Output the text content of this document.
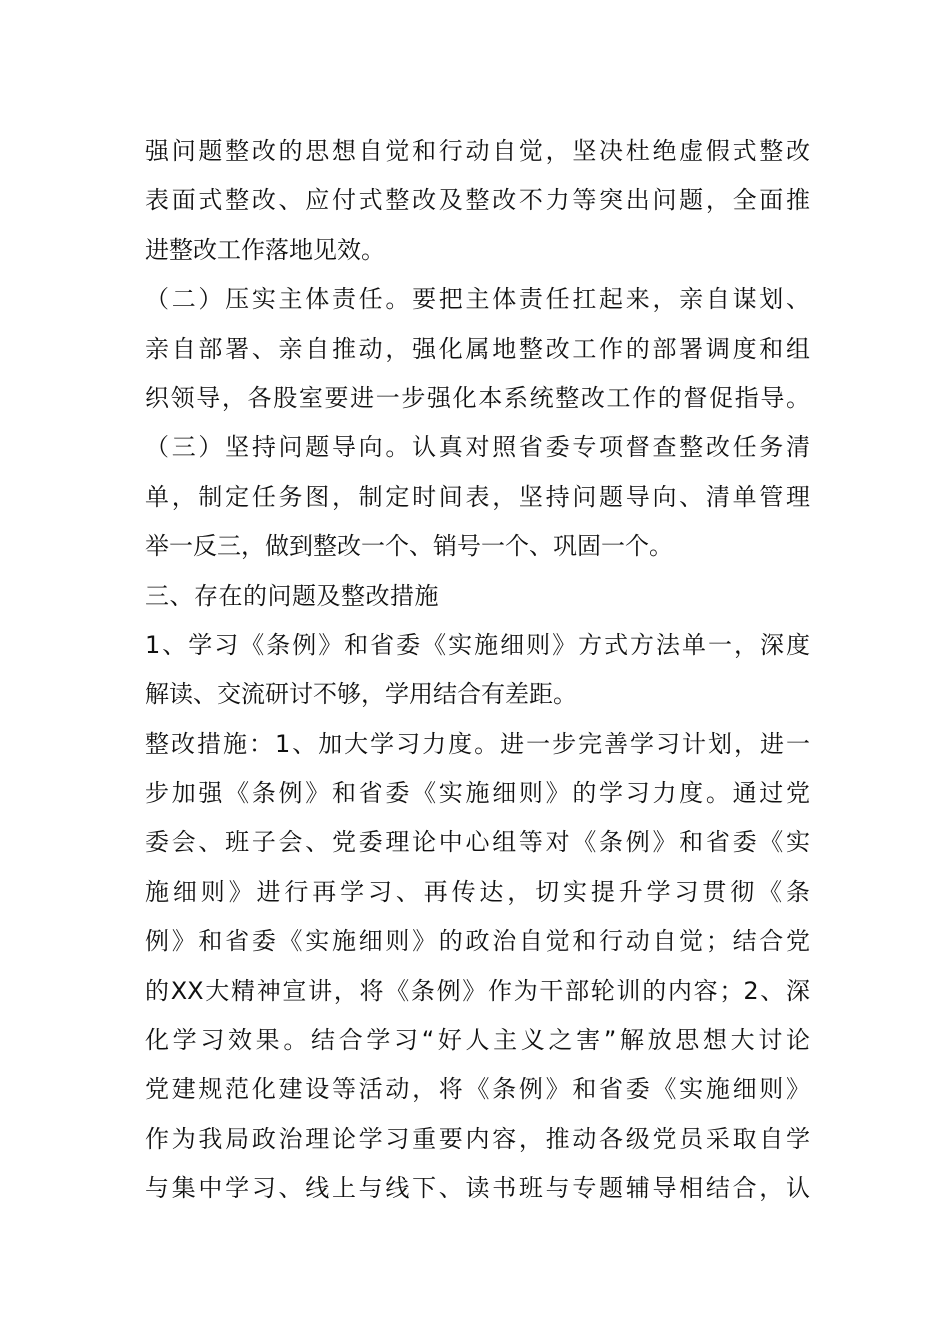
强问题整改的思想自觉和行动自觉，坚决杜绝虚假式整改
表面式整改、应付式整改及整改不力等突出问题，全面推
进整改工作落地见效。
（二）压实主体责任。要把主体责任扛起来，亲自谋划、
亲自部署、亲自推动，强化属地整改工作的部署调度和组
织领导，各股室要进一步强化本系统整改工作的督促指导。
（三）坚持问题导向。认真对照省委专项督查整改任务清
单，制定任务图，制定时间表，坚持问题导向、清单管理
举一反三，做到整改一个、销号一个、巩固一个。
三、存在的问题及整改措施
1、学习《条例》和省委《实施细则》方式方法单一，深度
解读、交流研讨不够，学用结合有差距。
整改措施：1、加大学习力度。进一步完善学习计划，进一
步加强《条例》和省委《实施细则》的学习力度。通过党
委会、班子会、党委理论中心组等对《条例》和省委《实
施细则》进行再学习、再传达，切实提升学习贯彻《条
例》和省委《实施细则》的政治自觉和行动自觉；结合党
的XX大精神宣讲，将《条例》作为干部轮训的内容；2、深
化学习效果。结合学习“好人主义之害”解放思想大讨论
党建规范化建设等活动，将《条例》和省委《实施细则》
作为我局政治理论学习重要内容，推动各级党员采取自学
与集中学习、线上与线下、读书班与专题辅导相结合，认
